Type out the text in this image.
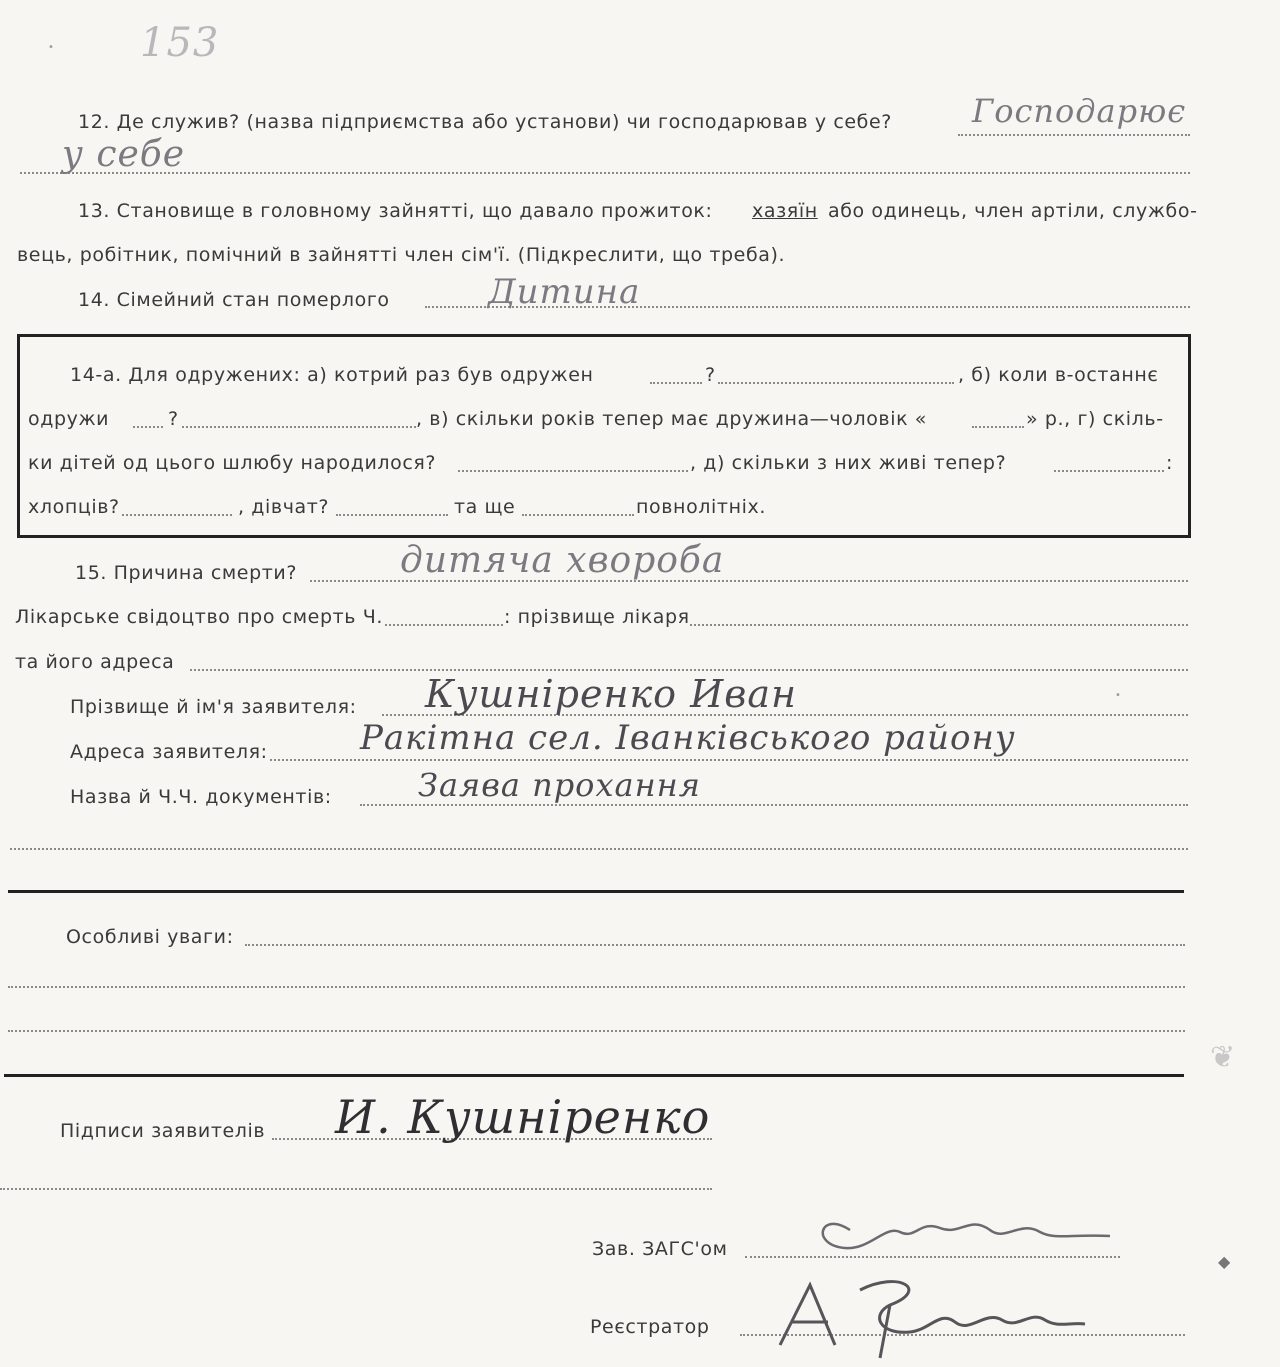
153
•
12. Де служив? (назва підприємства або установи) чи господарював у себе?	Господарює
у себе
13. Становище в головному зайнятті, що давало прожиток: хазяїн або одинець, член артіли, службо-
вець, робітник, помічний в зайнятті член сім'ї. (Підкреслити, що треба).
14. Сімейний стан померлого	Дитина
14-а. Для одружених: а) котрий раз був одружен	?	, б) коли в-останнє
одружи	?	, в) скільки років тепер має дружина—чоловік «	» р., г) скіль-
ки дітей од цього шлюбу народилося?	, д) скільки з них живі тепер?	:
хлопців?	, дівчат?	та ще	повнолітніх.
15. Причина смерти?	дитяча хвороба
Лікарське свідоцтво про смерть Ч.	: прізвище лікаря
та його адреса
Прізвище й ім'я заявителя: Кушніренко Иван	•
Адреса заявителя:	Ракітна сел. Іванківського району
Назва й Ч.Ч. документів:	Заява прохання
Особливі уваги:
❦
Підписи заявителів И. Кушніренко
Зав. ЗАГС'ом
◆
Реєстратор
